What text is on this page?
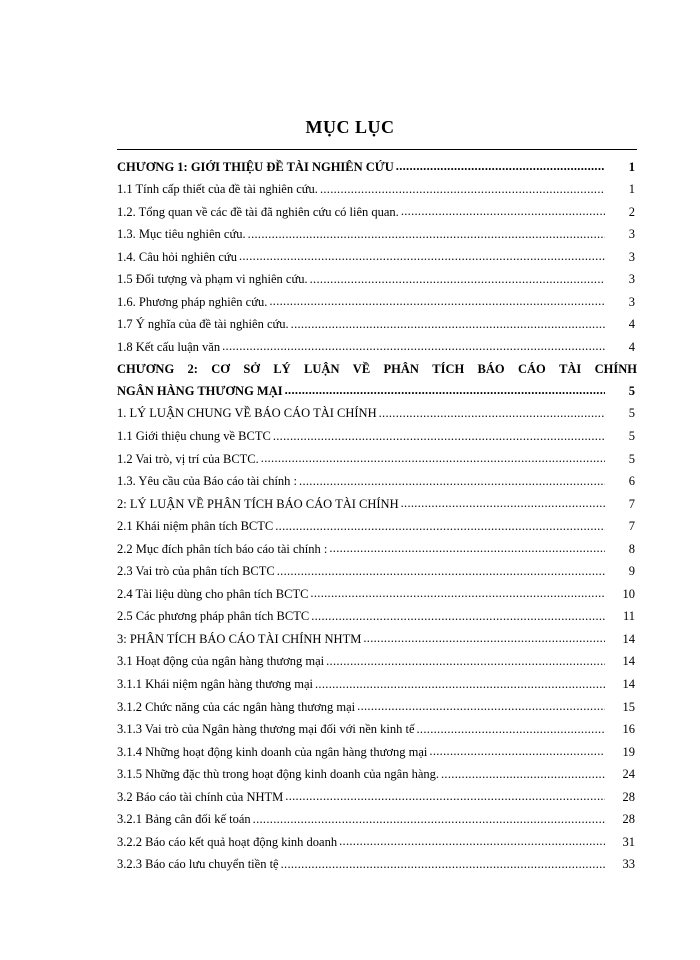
MỤC LỤC
CHƯƠNG 1: GIỚI THIỆU ĐỀ TÀI NGHIÊN CỨU .....	1
1.1 Tính cấp thiết của đề tài nghiên cứu. .....	1
1.2. Tổng quan về các đề tài đã nghiên cứu có liên quan. .....	2
1.3. Mục tiêu nghiên cứu. .....	3
1.4. Câu hỏi nghiên cứu .....	3
1.5 Đối tượng và phạm vi nghiên cứu. .....	3
1.6. Phương pháp nghiên cứu. .....	3
1.7 Ý nghĩa của đề tài nghiên cứu. .....	4
1.8 Kết cấu luận văn .....	4
CHƯƠNG 2: CƠ SỞ LÝ LUẬN VỀ PHÂN TÍCH BÁO CÁO TÀI CHÍNH
NGÂN HÀNG THƯƠNG MẠI .....	5
1. LÝ LUẬN CHUNG VỀ BÁO CÁO TÀI CHÍNH .....	5
1.1 Giới thiệu chung về BCTC .....	5
1.2 Vai trò, vị trí của BCTC. .....	5
1.3. Yêu cầu của Báo cáo tài chính : .....	6
2: LÝ LUẬN VỀ PHÂN TÍCH BÁO CÁO TÀI CHÍNH .....	7
2.1 Khái niệm phân tích BCTC .....	7
2.2 Mục đích phân tích báo cáo tài chính : .....	8
2.3 Vai trò của phân tích BCTC .....	9
2.4 Tài liệu dùng cho phân tích BCTC .....	10
2.5 Các phương pháp phân tích BCTC .....	11
3: PHÂN TÍCH BÁO CÁO TÀI CHÍNH NHTM .....	14
3.1 Hoạt động của ngân hàng thương mại .....	14
3.1.1 Khái niệm ngân hàng thương mại .....	14
3.1.2 Chức năng của các ngân hàng thương mại .....	15
3.1.3 Vai trò của Ngân hàng thương mại đối với nền kinh tế .....	16
3.1.4 Những hoạt động kinh doanh của ngân hàng thương mại .....	19
3.1.5 Những đặc thù trong hoạt động kinh doanh của ngân hàng. .....	24
3.2 Báo cáo tài chính của NHTM .....	28
3.2.1 Bảng cân đối kế toán .....	28
3.2.2 Báo cáo kết quả hoạt động kinh doanh .....	31
3.2.3 Báo cáo lưu chuyển tiền tệ .....	33
